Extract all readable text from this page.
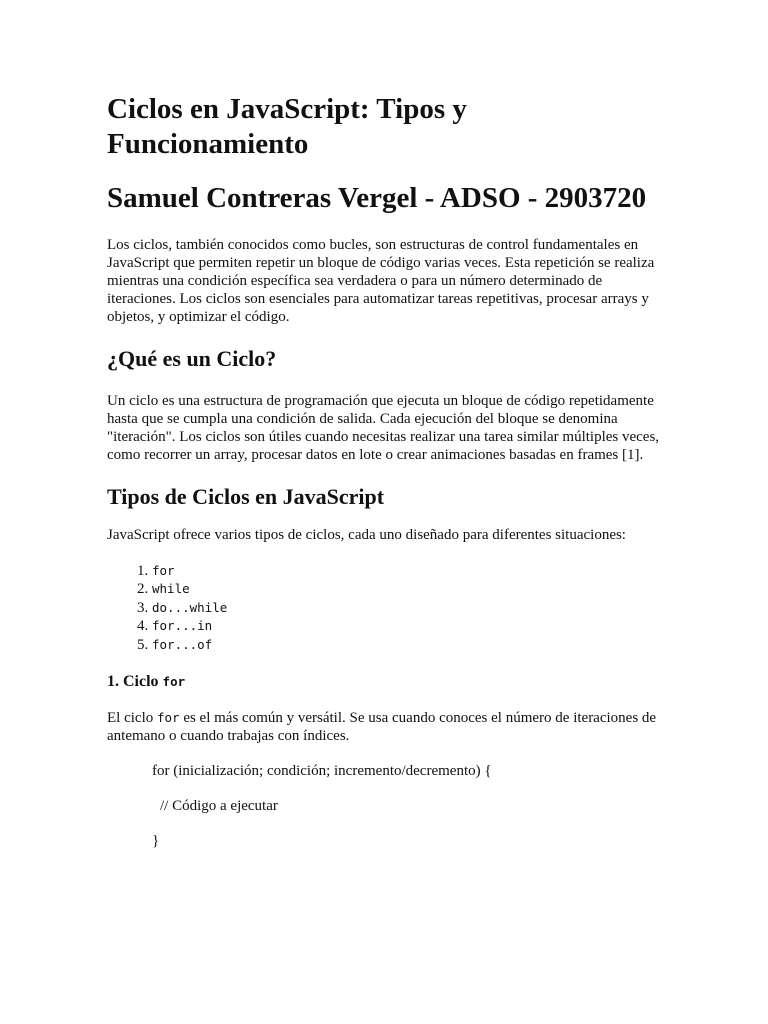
Ciclos en JavaScript: Tipos y Funcionamiento
Samuel Contreras Vergel - ADSO - 2903720

Los ciclos, también conocidos como bucles, son estructuras de control fundamentales en JavaScript que permiten repetir un bloque de código varias veces. Esta repetición se realiza mientras una condición específica sea verdadera o para un número determinado de iteraciones. Los ciclos son esenciales para automatizar tareas repetitivas, procesar arrays y objetos, y optimizar el código.

¿Qué es un Ciclo?

Un ciclo es una estructura de programación que ejecuta un bloque de código repetidamente hasta que se cumpla una condición de salida. Cada ejecución del bloque se denomina "iteración". Los ciclos son útiles cuando necesitas realizar una tarea similar múltiples veces, como recorrer un array, procesar datos en lote o crear animaciones basadas en frames [1].

Tipos de Ciclos en JavaScript

JavaScript ofrece varios tipos de ciclos, cada uno diseñado para diferentes situaciones:

1. for
2. while
3. do...while
4. for...in
5. for...of
1. Ciclo for

El ciclo for es el más común y versátil. Se usa cuando conoces el número de iteraciones de antemano o cuando trabajas con índices.

for (inicialización; condición; incremento/decremento) {

// Código a ejecutar

}
